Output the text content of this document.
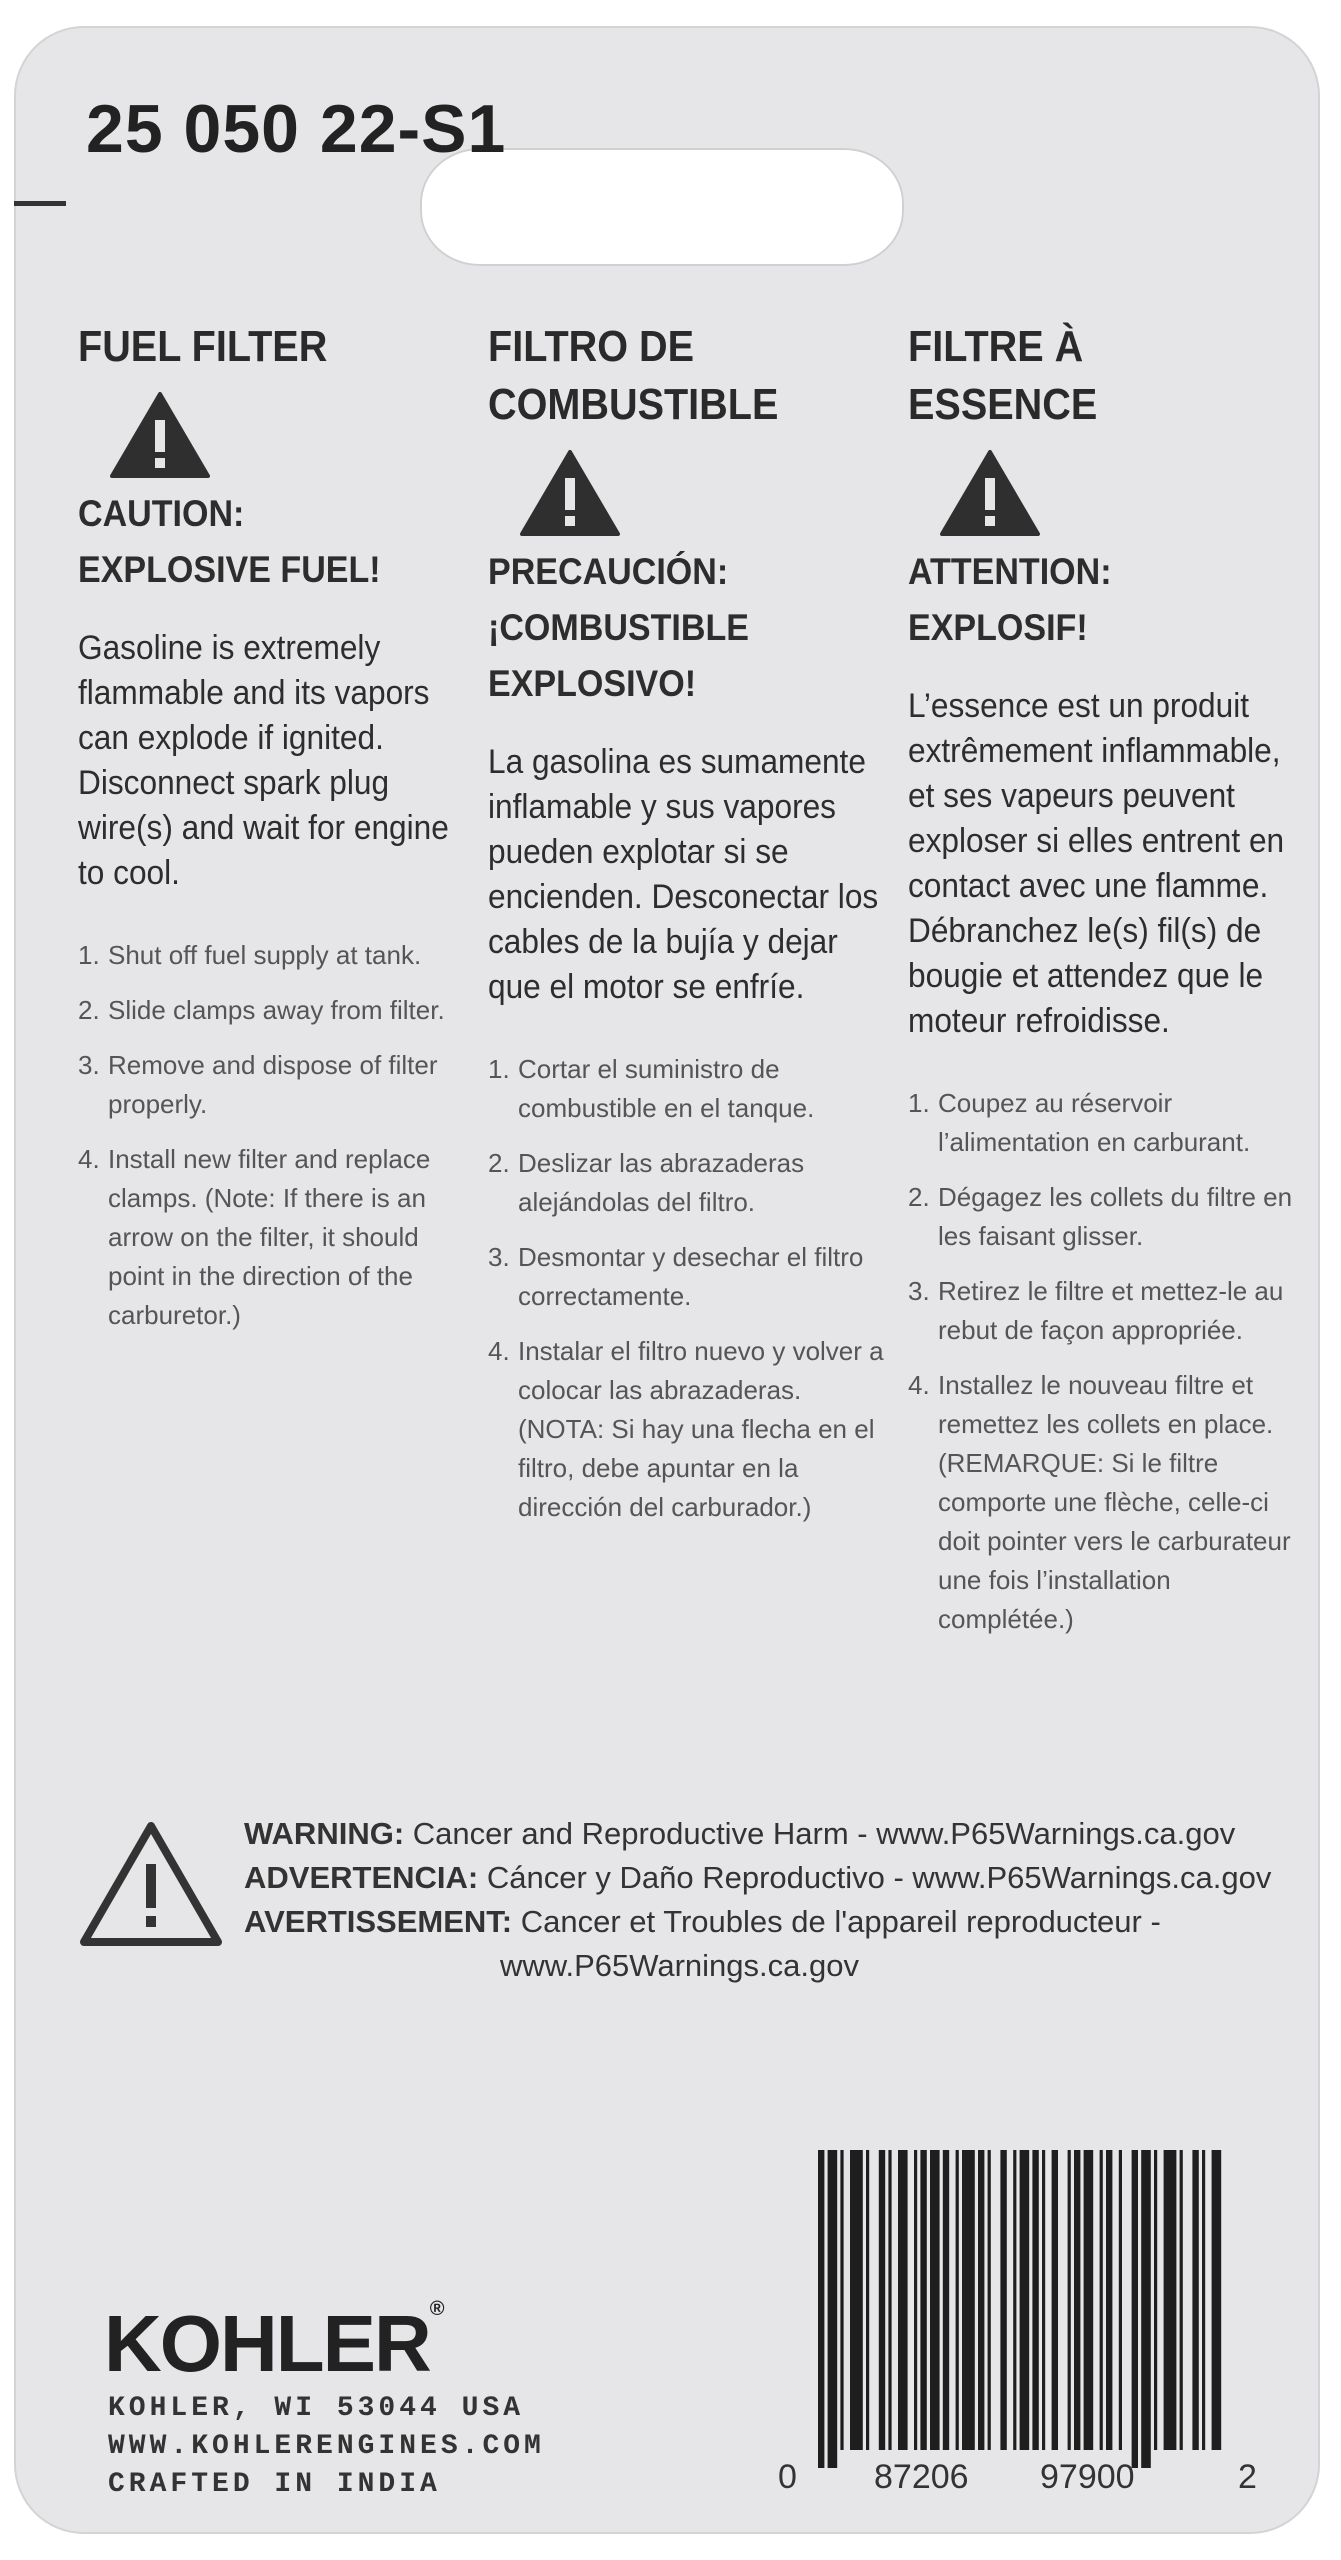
25 050 22-S1
FUEL FILTER
CAUTION:
EXPLOSIVE FUEL!

Gasoline is extremely flammable and its vapors can explode if ignited. Disconnect spark plug wire(s) and wait for engine to cool.

1. Shut off fuel supply at tank.
2. Slide clamps away from filter.
3. Remove and dispose of filter properly.
4. Install new filter and replace clamps. (Note: If there is an arrow on the filter, it should point in the direction of the carburetor.)
FILTRO DE
COMBUSTIBLE
PRECAUCIÓN:
¡COMBUSTIBLE
EXPLOSIVO!

La gasolina es sumamente inflamable y sus vapores pueden explotar si se encienden. Desconectar los cables de la bujía y dejar que el motor se enfríe.

1. Cortar el suministro de combustible en el tanque.
2. Deslizar las abrazaderas alejándolas del filtro.
3. Desmontar y desechar el filtro correctamente.
4. Instalar el filtro nuevo y volver a colocar las abrazaderas. (NOTA: Si hay una flecha en el filtro, debe apuntar en la dirección del carburador.)
FILTRE À
ESSENCE
ATTENTION:
EXPLOSIF!

L’essence est un produit extrêmement inflammable, et ses vapeurs peuvent exploser si elles entrent en contact avec une flamme. Débranchez le(s) fil(s) de bougie et attendez que le moteur refroidisse.

1. Coupez au réservoir l’alimentation en carburant.
2. Dégagez les collets du filtre en les faisant glisser.
3. Retirez le filtre et mettez-le au rebut de façon appropriée.
4. Installez le nouveau filtre et remettez les collets en place. (REMARQUE: Si le filtre comporte une flèche, celle-ci doit pointer vers le carburateur une fois l’installation complétée.)
WARNING: Cancer and Reproductive Harm - www.P65Warnings.ca.gov
ADVERTENCIA: Cáncer y Daño Reproductivo - www.P65Warnings.ca.gov
AVERTISSEMENT: Cancer et Troubles de l'appareil reproducteur -
www.P65Warnings.ca.gov
KOHLER®
KOHLER, WI 53044 USA
WWW.KOHLERENGINES.COM
CRAFTED IN INDIA	0 87206 97900	2
